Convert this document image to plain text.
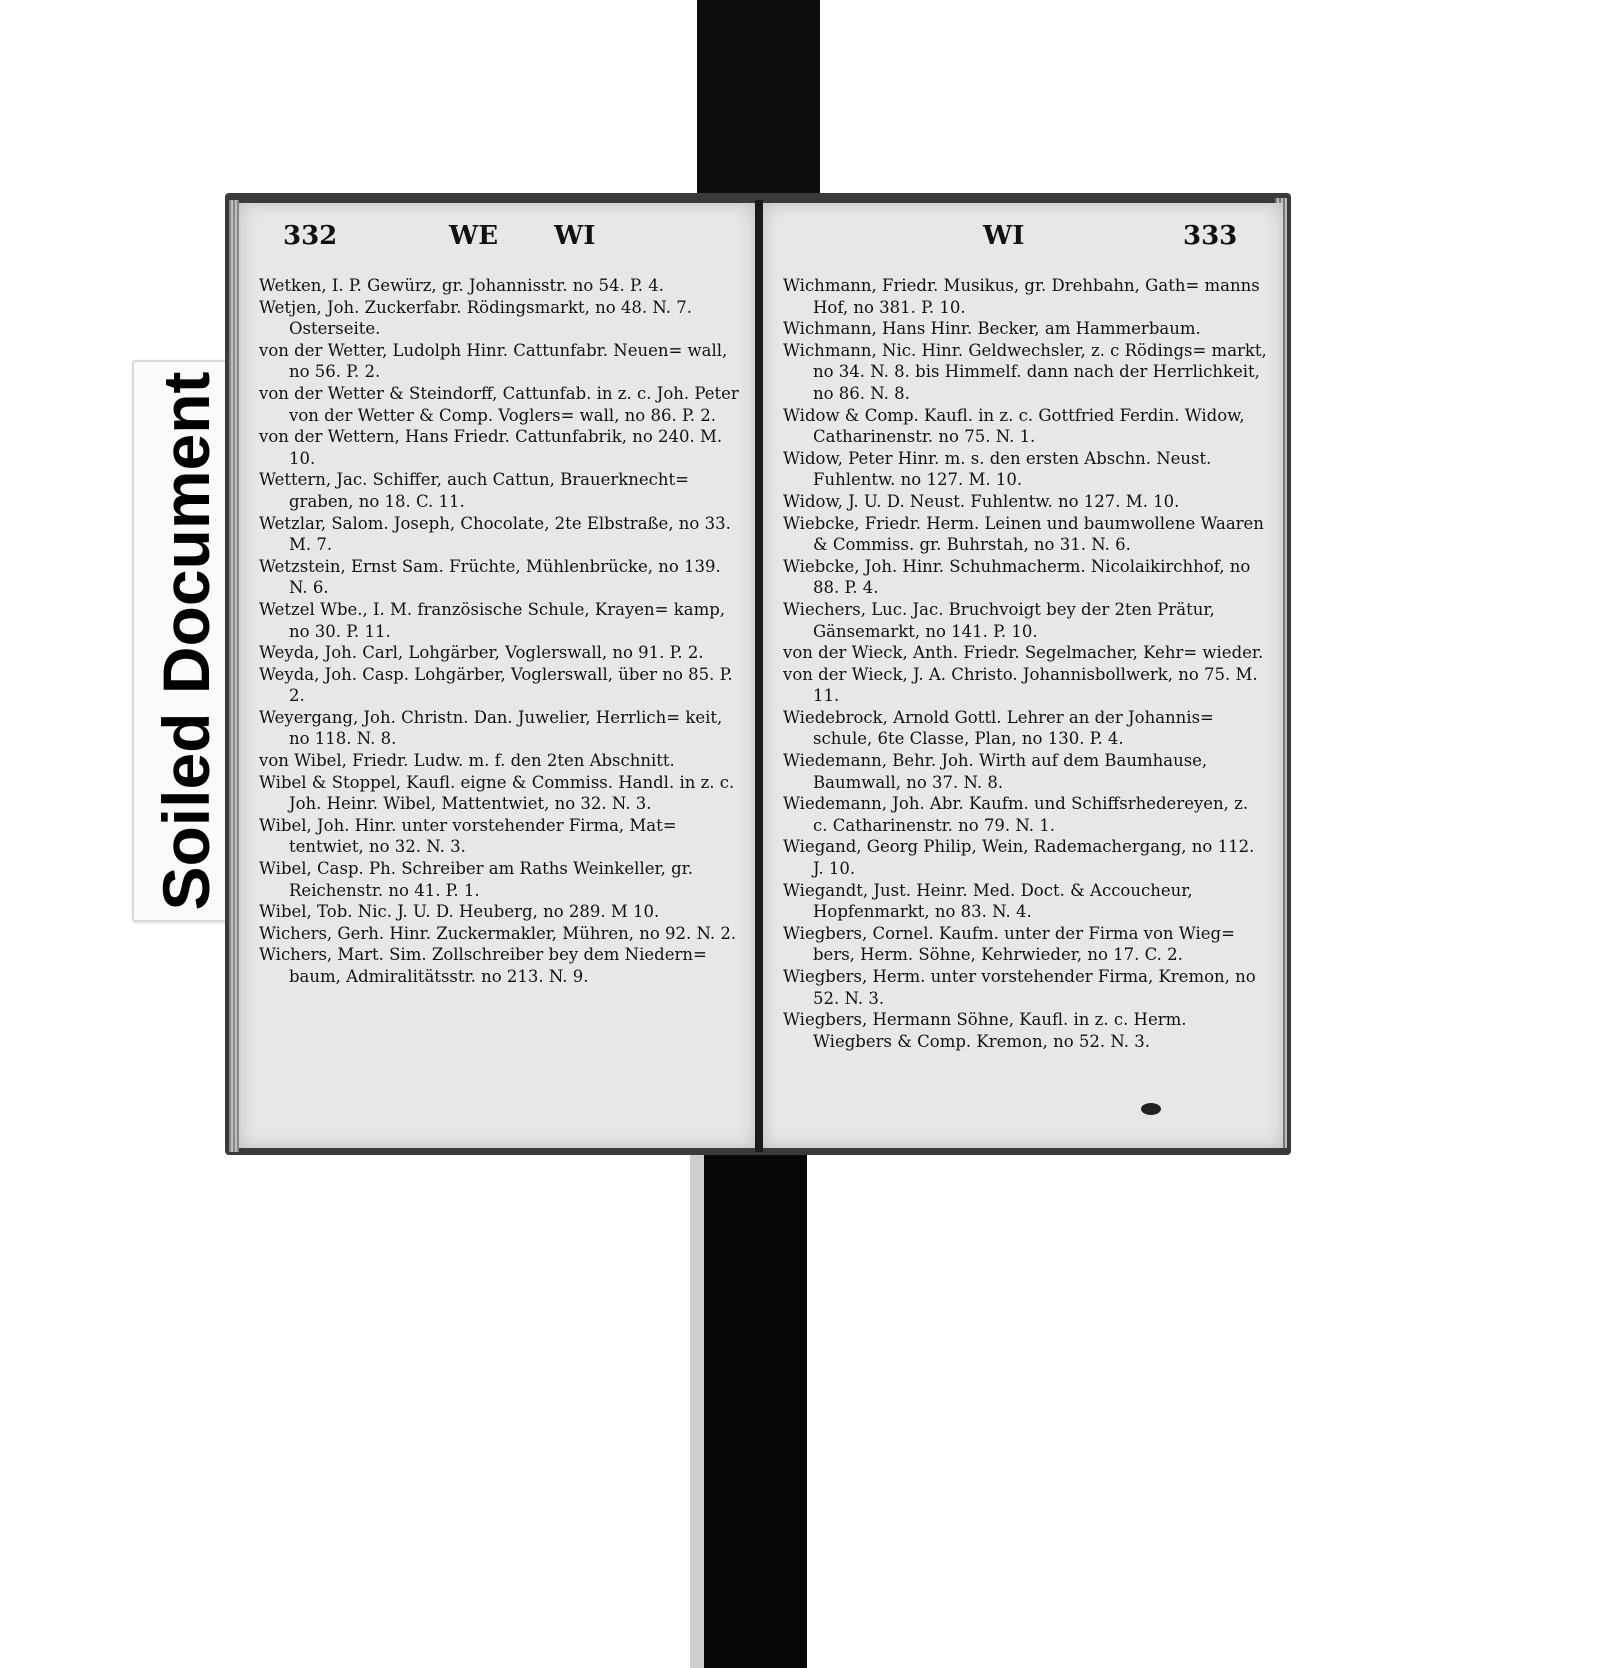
Soiled Document
332	WE WI

Wetken, I. P. Gewürz, gr. Johannisstr. no 54. P. 4.

Wetjen, Joh. Zuckerfabr. Rödingsmarkt, no 48. N. 7. Osterseite.

von der Wetter, Ludolph Hinr. Cattunfabr. Neuen= wall, no 56. P. 2.

von der Wetter & Steindorff, Cattunfab. in z. c. Joh. Peter von der Wetter & Comp. Voglers= wall, no 86. P. 2.

von der Wettern, Hans Friedr. Cattunfabrik, no 240. M. 10.

Wettern, Jac. Schiffer, auch Cattun, Brauerknecht= graben, no 18. C. 11.

Wetzlar, Salom. Joseph, Chocolate, 2te Elbstraße, no 33. M. 7.

Wetzstein, Ernst Sam. Früchte, Mühlenbrücke, no 139. N. 6.

Wetzel Wbe., I. M. französische Schule, Krayen= kamp, no 30. P. 11.

Weyda, Joh. Carl, Lohgärber, Voglerswall, no 91. P. 2.

Weyda, Joh. Casp. Lohgärber, Voglerswall, über no 85. P. 2.

Weyergang, Joh. Christn. Dan. Juwelier, Herrlich= keit, no 118. N. 8.

von Wibel, Friedr. Ludw. m. f. den 2ten Abschnitt.

Wibel & Stoppel, Kaufl. eigne & Commiss. Handl. in z. c. Joh. Heinr. Wibel, Mattentwiet, no 32. N. 3.

Wibel, Joh. Hinr. unter vorstehender Firma, Mat= tentwiet, no 32. N. 3.

Wibel, Casp. Ph. Schreiber am Raths Weinkeller, gr. Reichenstr. no 41. P. 1.

Wibel, Tob. Nic. J. U. D. Heuberg, no 289. M 10.

Wichers, Gerh. Hinr. Zuckermakler, Mühren, no 92. N. 2.

Wichers, Mart. Sim. Zollschreiber bey dem Niedern= baum, Admiralitätsstr. no 213. N. 9.

WI	333

Wichmann, Friedr. Musikus, gr. Drehbahn, Gath= manns Hof, no 381. P. 10.

Wichmann, Hans Hinr. Becker, am Hammerbaum.

Wichmann, Nic. Hinr. Geldwechsler, z. c Rödings= markt, no 34. N. 8. bis Himmelf. dann nach der Herrlichkeit, no 86. N. 8.

Widow & Comp. Kaufl. in z. c. Gottfried Ferdin. Widow, Catharinenstr. no 75. N. 1.

Widow, Peter Hinr. m. s. den ersten Abschn. Neust. Fuhlentw. no 127. M. 10.

Widow, J. U. D. Neust. Fuhlentw. no 127. M. 10.

Wiebcke, Friedr. Herm. Leinen und baumwollene Waaren & Commiss. gr. Buhrstah, no 31. N. 6.

Wiebcke, Joh. Hinr. Schuhmacherm. Nicolaikirchhof, no 88. P. 4.

Wiechers, Luc. Jac. Bruchvoigt bey der 2ten Prätur, Gänsemarkt, no 141. P. 10.

von der Wieck, Anth. Friedr. Segelmacher, Kehr= wieder.

von der Wieck, J. A. Christo. Johannisbollwerk, no 75. M. 11.

Wiedebrock, Arnold Gottl. Lehrer an der Johannis= schule, 6te Classe, Plan, no 130. P. 4.

Wiedemann, Behr. Joh. Wirth auf dem Baumhause, Baumwall, no 37. N. 8.

Wiedemann, Joh. Abr. Kaufm. und Schiffsrhedereyen, z. c. Catharinenstr. no 79. N. 1.

Wiegand, Georg Philip, Wein, Rademachergang, no 112. J. 10.

Wiegandt, Just. Heinr. Med. Doct. & Accoucheur, Hopfenmarkt, no 83. N. 4.

Wiegbers, Cornel. Kaufm. unter der Firma von Wieg= bers, Herm. Söhne, Kehrwieder, no 17. C. 2.

Wiegbers, Herm. unter vorstehender Firma, Kremon, no 52. N. 3.

Wiegbers, Hermann Söhne, Kaufl. in z. c. Herm. Wiegbers & Comp. Kremon, no 52. N. 3.
